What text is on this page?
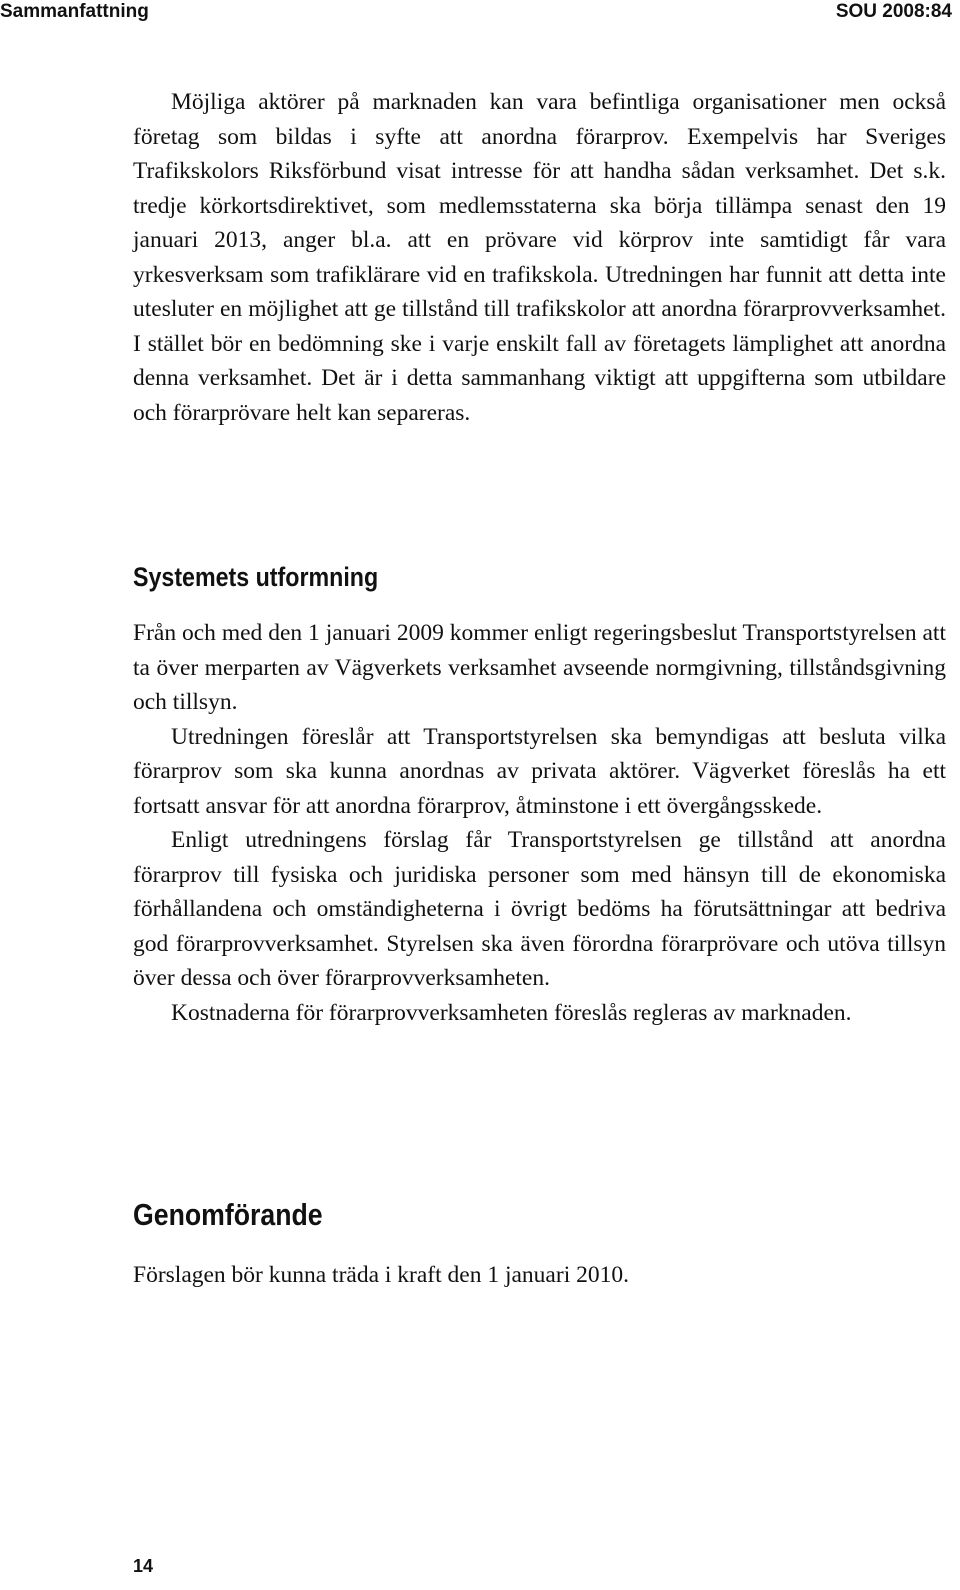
Sammanfattning	SOU 2008:84

Möjliga aktörer på marknaden kan vara befintliga organisationer men också företag som bildas i syfte att anordna förarprov. Exempelvis har Sveriges Trafikskolors Riksförbund visat intresse för att handha sådan verksamhet. Det s.k. tredje körkortsdirektivet, som medlemsstaterna ska börja tillämpa senast den 19 januari 2013, anger bl.a. att en prövare vid körprov inte samtidigt får vara yrkesverksam som trafiklärare vid en trafikskola. Utredningen har funnit att detta inte utesluter en möjlighet att ge tillstånd till trafikskolor att anordna förarprovverksamhet. I stället bör en bedömning ske i varje enskilt fall av företagets lämplighet att anordna denna verksamhet. Det är i detta sammanhang viktigt att uppgifterna som utbildare och förarprövare helt kan separeras.

Systemets utformning

Från och med den 1 januari 2009 kommer enligt regeringsbeslut Transportstyrelsen att ta över merparten av Vägverkets verksamhet avseende normgivning, tillståndsgivning och tillsyn.

Utredningen föreslår att Transportstyrelsen ska bemyndigas att besluta vilka förarprov som ska kunna anordnas av privata aktörer. Vägverket föreslås ha ett fortsatt ansvar för att anordna förarprov, åtminstone i ett övergångsskede.

Enligt utredningens förslag får Transportstyrelsen ge tillstånd att anordna förarprov till fysiska och juridiska personer som med hänsyn till de ekonomiska förhållandena och omständigheterna i övrigt bedöms ha förutsättningar att bedriva god förarprovverksamhet. Styrelsen ska även förordna förarprövare och utöva tillsyn över dessa och över förarprovverksamheten.

Kostnaderna för förarprovverksamheten föreslås regleras av marknaden.

Genomförande

Förslagen bör kunna träda i kraft den 1 januari 2010.

14
